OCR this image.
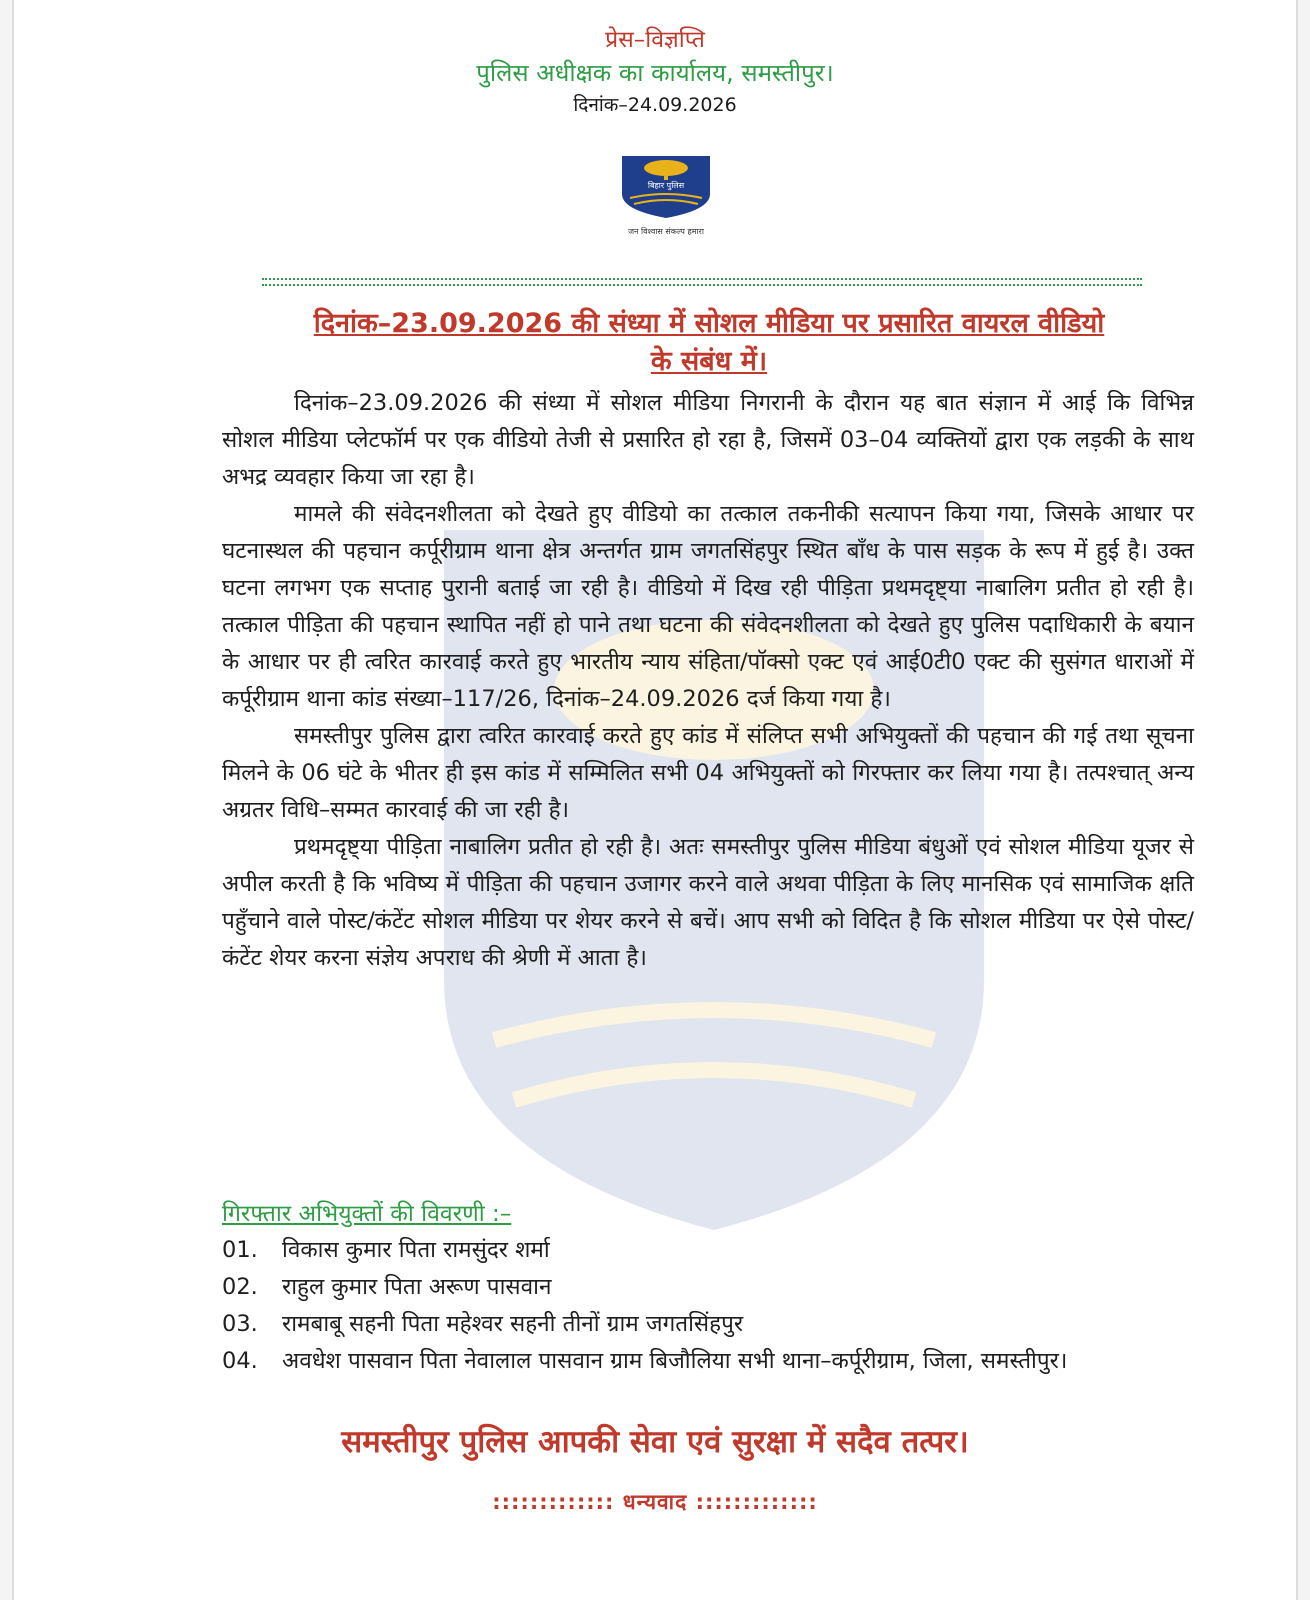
प्रेस–विज्ञप्ति
पुलिस अधीक्षक का कार्यालय, समस्तीपुर।
दिनांक–24.09.2026
बिहार पुलिस
जन विश्वास संकल्प हमारा
दिनांक–23.09.2026 की संध्या में सोशल मीडिया पर प्रसारित वायरल वीडियो
के संबंध में।

दिनांक–23.09.2026 की संध्या में सोशल मीडिया निगरानी के दौरान यह बात संज्ञान में आई कि विभिन्न सोशल मीडिया प्लेटफॉर्म पर एक वीडियो तेजी से प्रसारित हो रहा है, जिसमें 03–04 व्यक्तियों द्वारा एक लड़की के साथ अभद्र व्यवहार किया जा रहा है।

मामले की संवेदनशीलता को देखते हुए वीडियो का तत्काल तकनीकी सत्यापन किया गया, जिसके आधार पर घटनास्थल की पहचान कर्पूरीग्राम थाना क्षेत्र अन्तर्गत ग्राम जगतसिंहपुर स्थित बाँध के पास सड़क के रूप में हुई है। उक्त घटना लगभग एक सप्ताह पुरानी बताई जा रही है। वीडियो में दिख रही पीड़िता प्रथमदृष्ट्या नाबालिग प्रतीत हो रही है। तत्काल पीड़िता की पहचान स्थापित नहीं हो पाने तथा घटना की संवेदनशीलता को देखते हुए पुलिस पदाधिकारी के बयान के आधार पर ही त्वरित कारवाई करते हुए भारतीय न्याय संहिता/पॉक्सो एक्ट एवं आई0टी0 एक्ट की सुसंगत धाराओं में कर्पूरीग्राम थाना कांड संख्या–117/26, दिनांक–24.09.2026 दर्ज किया गया है।

समस्तीपुर पुलिस द्वारा त्वरित कारवाई करते हुए कांड में संलिप्त सभी अभियुक्तों की पहचान की गई तथा सूचना मिलने के 06 घंटे के भीतर ही इस कांड में सम्मिलित सभी 04 अभियुक्तों को गिरफ्तार कर लिया गया है। तत्पश्चात् अन्य अग्रतर विधि–सम्मत कारवाई की जा रही है।

प्रथमदृष्ट्या पीड़िता नाबालिग प्रतीत हो रही है। अतः समस्तीपुर पुलिस मीडिया बंधुओं एवं सोशल मीडिया यूजर से अपील करती है कि भविष्य में पीड़िता की पहचान उजागर करने वाले अथवा पीड़िता के लिए मानसिक एवं सामाजिक क्षति पहुँचाने वाले पोस्ट/कंटेंट सोशल मीडिया पर शेयर करने से बचें। आप सभी को विदित है कि सोशल मीडिया पर ऐसे पोस्ट/कंटेंट शेयर करना संज्ञेय अपराध की श्रेणी में आता है।

गिरफ्तार अभियुक्तों की विवरणी :–
01.	विकास कुमार पिता रामसुंदर शर्मा
02.	राहुल कुमार पिता अरूण पासवान
03.	रामबाबू सहनी पिता महेश्वर सहनी तीनों ग्राम जगतसिंहपुर
04.	अवधेश पासवान पिता नेवालाल पासवान ग्राम बिजौलिया सभी थाना–कर्पूरीग्राम, जिला, समस्तीपुर।
समस्तीपुर पुलिस आपकी सेवा एवं सुरक्षा में सदैव तत्पर।
::::::::::::: धन्यवाद :::::::::::::
